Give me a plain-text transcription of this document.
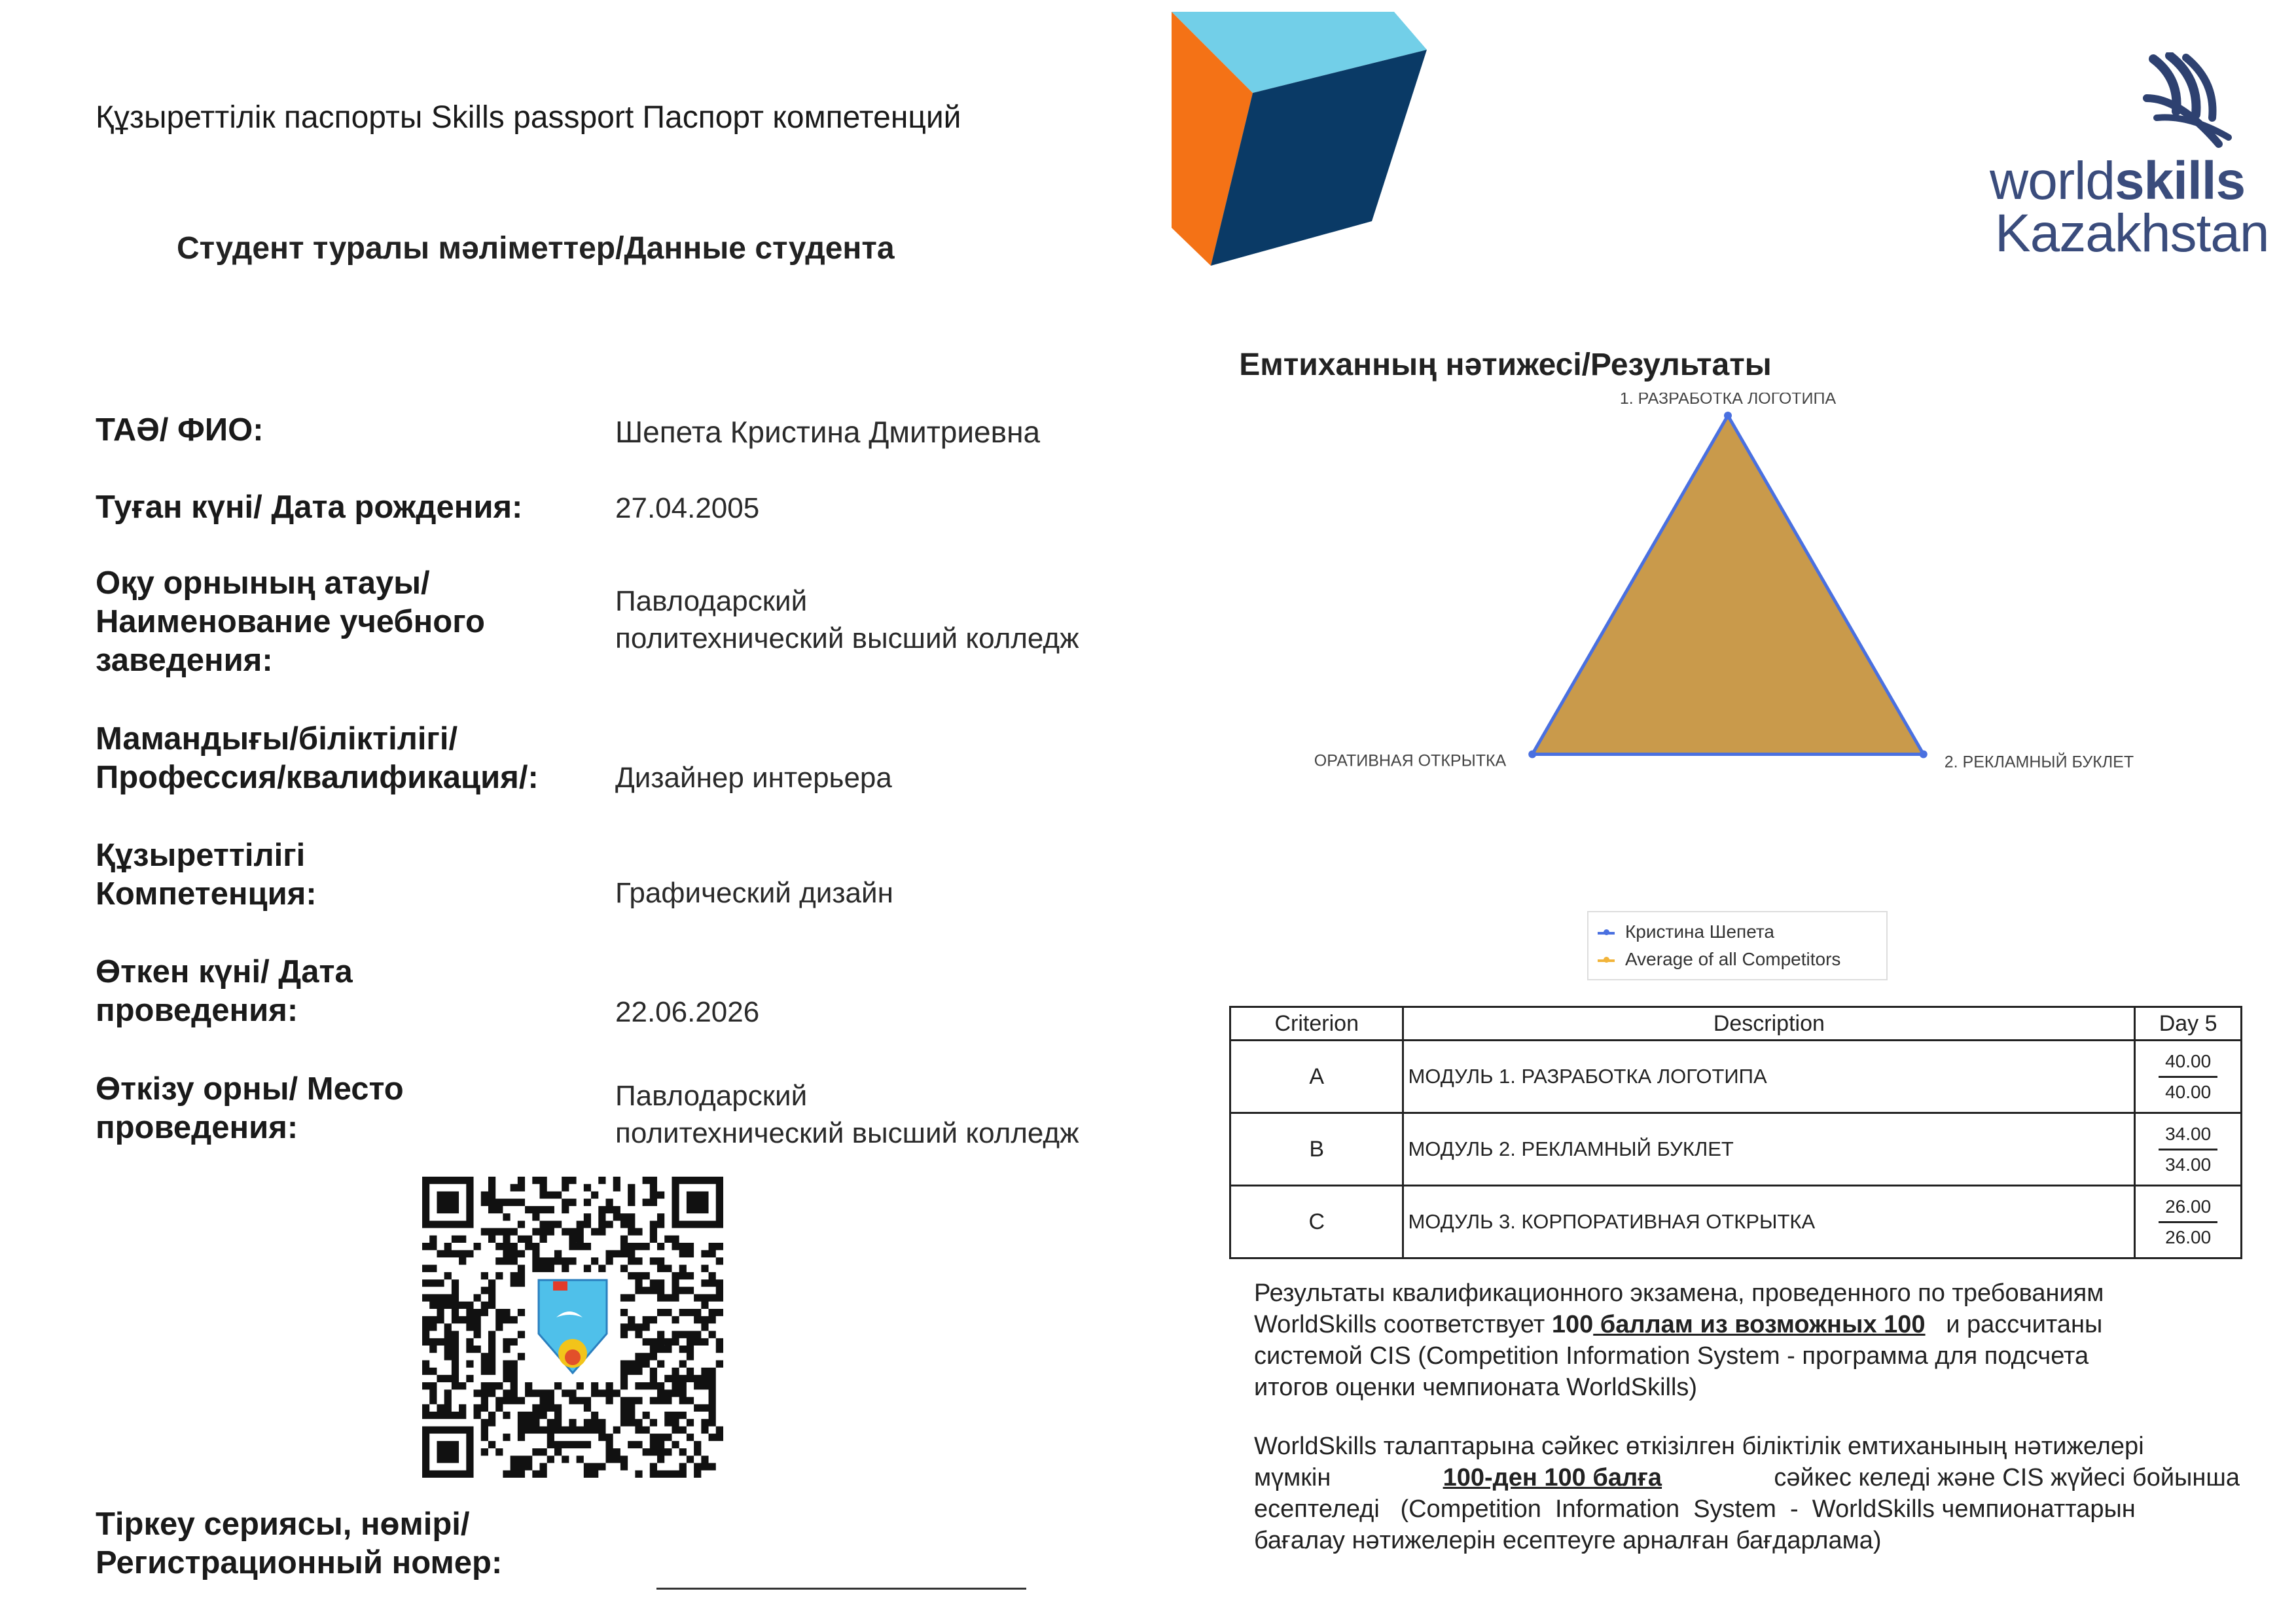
Құзыреттілік паспорты Skills passport Паспорт компетенций
Студент туралы мәліметтер/Данные студента
worldskills
Kazakhstan
ТАӘ/ ФИО:	Шепета Кристина Дмитриевна
Туған күні/ Дата рождения:	27.04.2005
Оқу орнының атауы/
Наименование учебного
заведения:
Павлодарский
политехнический высший колледж
Мамандығы/біліктілігі/
Профессия/квалификация/:	Дизайнер интерьера
Құзыреттілігі
Компетенция:	Графический дизайн
Өткен күні/ Дата
проведения:	22.06.2026
Өткізу орны/ Место
проведения:
Павлодарский
политехнический высший колледж
Тіркеу сериясы, нөмірі/
Регистрационный номер:
Емтиханның нәтижесі/Результаты
1. РАЗРАБОТКА ЛОГОТИПА
2. РЕКЛАМНЫЙ БУКЛЕТ
ОРАТИВНАЯ ОТКРЫТКА
Кристина Шепета
Average of all Competitors
Criterion	Description	Day 5
A	МОДУЛЬ 1. РАЗРАБОТКА ЛОГОТИПА	$\frac{40.00}{40.00}$

B	МОДУЛЬ 2. РЕКЛАМНЫЙ БУКЛЕТ	$\frac{34.00}{34.00}$

C	МОДУЛЬ 3. КОРПОРАТИВНАЯ ОТКРЫТКА	$\frac{26.00}{26.00}$
Результаты квалификационного экзамена, проведенного по требованиям
WorldSkills соответствует 100 баллам из возможных 100   и рассчитаны
системой CIS (Competition Information System - программа для подсчета
итогов оценки чемпионата WorldSkills)
WorldSkills талаптарына сәйкес өткізілген біліктілік емтиханының нәтижелері
мүмкін	100-ден 100 балға	сәйкес келеді және CIS жүйесі бойынша
есептеледі   (Competition  Information  System  -  WorldSkills чемпионаттарын
бағалау нәтижелерін есептеуге арналған бағдарлама)
